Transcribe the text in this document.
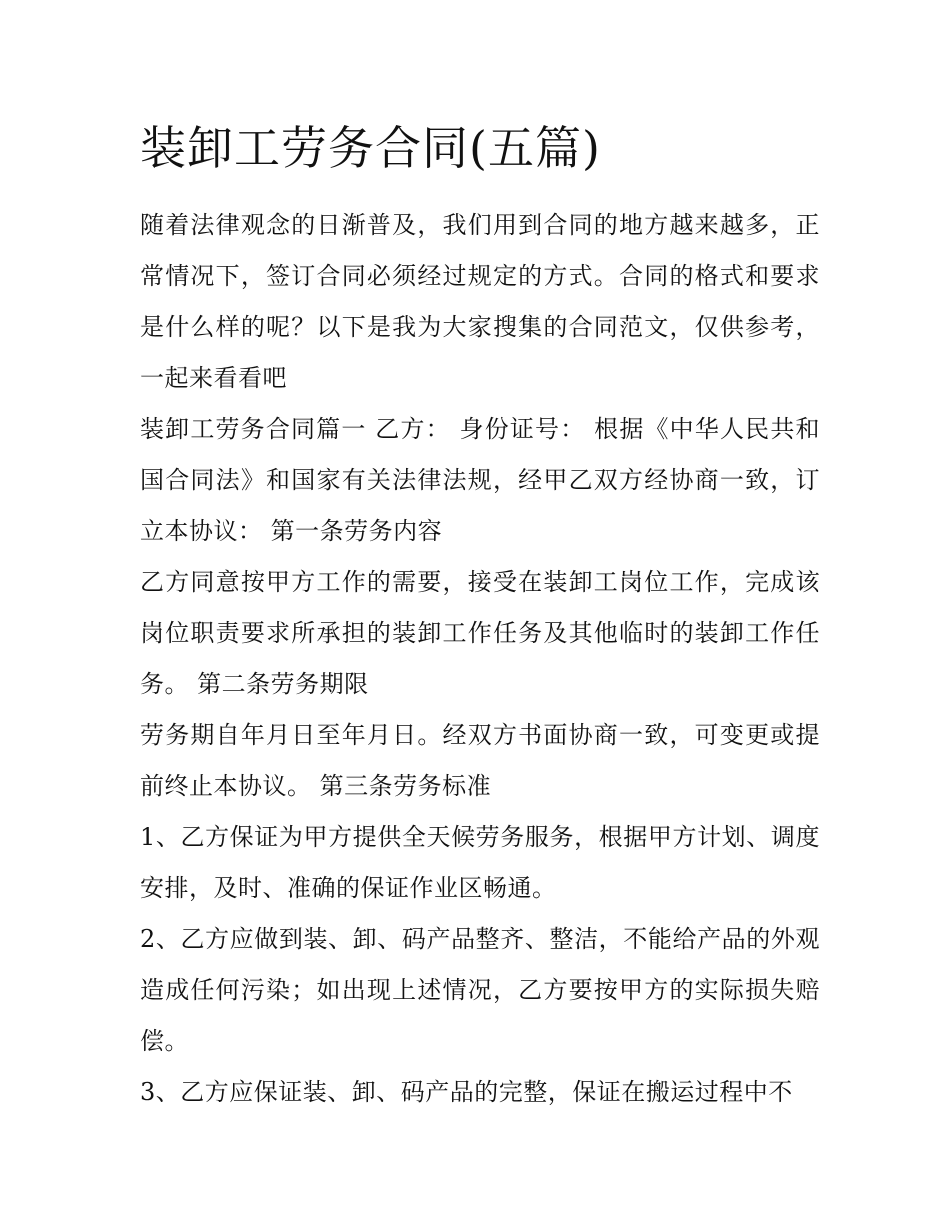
装卸工劳务合同(五篇)

随着法律观念的日渐普及，我们用到合同的地方越来越多，正常情况下，签订合同必须经过规定的方式。合同的格式和要求是什么样的呢？以下是我为大家搜集的合同范文，仅供参考，一起来看看吧

装卸工劳务合同篇一 乙方： 身份证号： 根据《中华人民共和国合同法》和国家有关法律法规，经甲乙双方经协商一致，订立本协议： 第一条劳务内容

乙方同意按甲方工作的需要，接受在装卸工岗位工作，完成该岗位职责要求所承担的装卸工作任务及其他临时的装卸工作任务。 第二条劳务期限

劳务期自年月日至年月日。经双方书面协商一致，可变更或提前终止本协议。 第三条劳务标准

1、乙方保证为甲方提供全天候劳务服务，根据甲方计划、调度安排，及时、准确的保证作业区畅通。

2、乙方应做到装、卸、码产品整齐、整洁，不能给产品的外观造成任何污染；如出现上述情况，乙方要按甲方的实际损失赔偿。

3、乙方应保证装、卸、码产品的完整，保证在搬运过程中不
